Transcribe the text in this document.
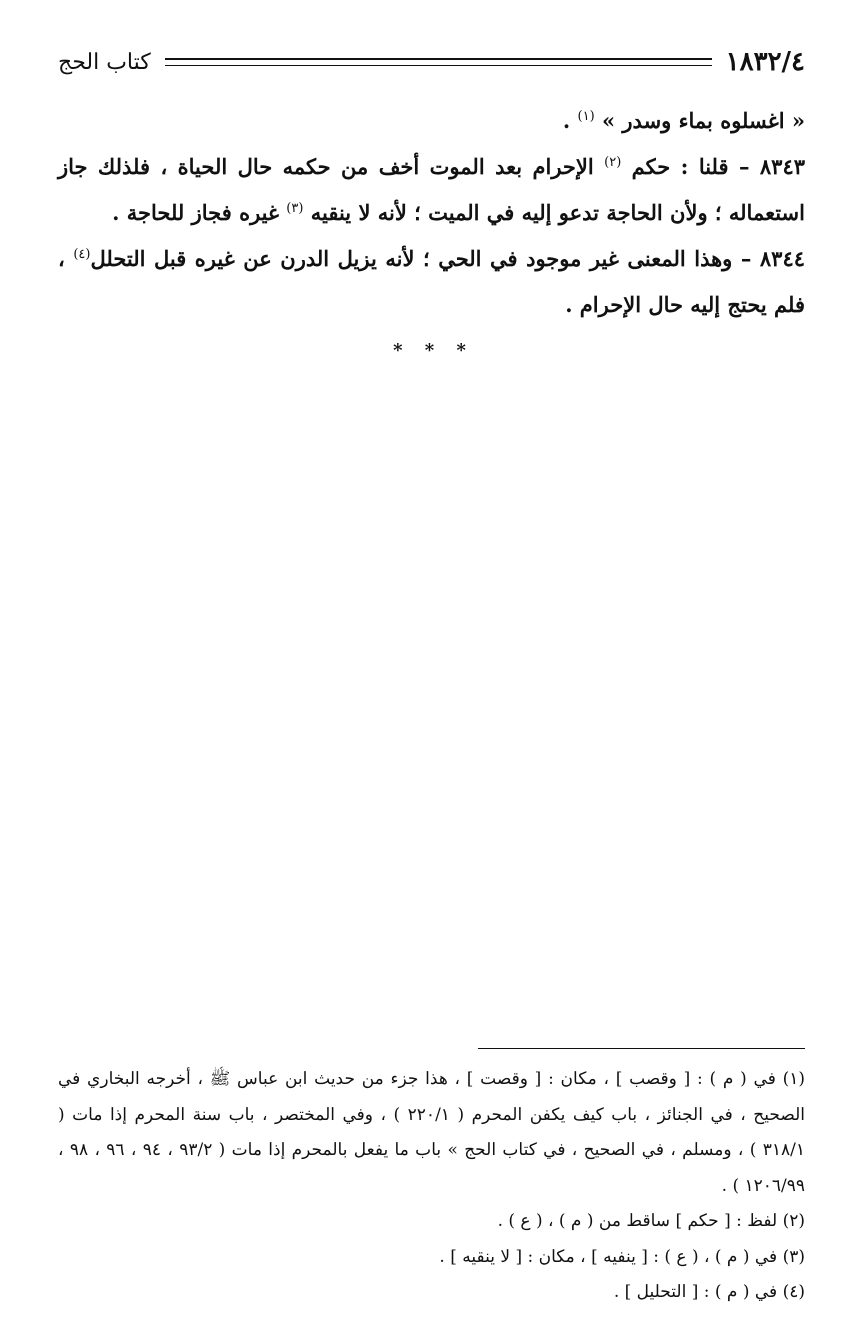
١٨٣٢/٤
كتاب الحج

« اغسلوه بماء وسدر » $^{(١)}$ .

٨٣٤٣ – قلنا : حكم $^{(٢)}$ الإحرام بعد الموت أخف من حكمه حال الحياة ، فلذلك جاز استعماله ؛ ولأن الحاجة تدعو إليه في الميت ؛ لأنه لا ينقيه $^{(٣)}$ غيره فجاز للحاجة .

٨٣٤٤ – وهذا المعنى غير موجود في الحي ؛ لأنه يزيل الدرن عن غيره قبل التحلل$^{(٤)}$ ، فلم يحتج إليه حال الإحرام .

* * *

(١) في ( م ) : [ وقصب ] ، مكان : [ وقصت ] ، هذا جزء من حديث ابن عباس ﷺ ، أخرجه البخاري في الصحيح ، في الجنائز ، باب كيف يكفن المحرم ( ٢٢٠/١ ) ، وفي المختصر ، باب سنة المحرم إذا مات ( ٣١٨/١ ) ، ومسلم ، في الصحيح ، في كتاب الحج » باب ما يفعل بالمحرم إذا مات ( ٩٣/٢ ، ٩٤ ، ٩٦ ، ٩٨ ، ١٢٠٦/٩٩ ) .

(٢) لفظ : [ حكم ] ساقط من ( م ) ، ( ع ) .

(٣) في ( م ) ، ( ع ) : [ ينفيه ] ، مكان : [ لا ينقيه ] .

(٤) في ( م ) : [ التحليل ] .
